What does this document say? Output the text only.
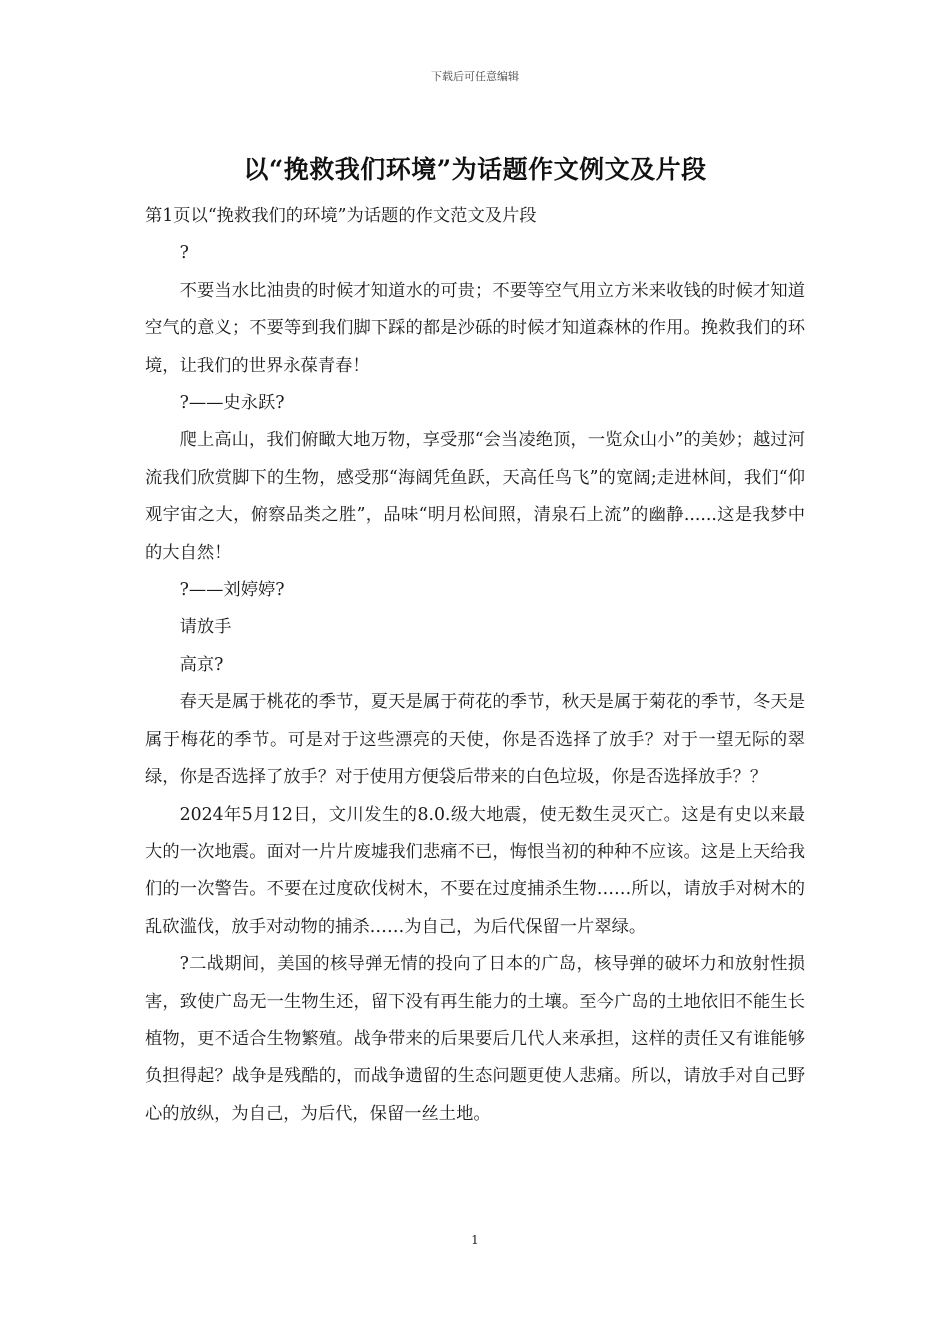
下载后可任意编辑
以“挽救我们环境”为话题作文例文及片段

第1页以“挽救我们的环境”为话题的作文范文及片段

?

不要当水比油贵的时候才知道水的可贵；不要等空气用立方米来收钱的时候才知道空气的意义；不要等到我们脚下踩的都是沙砾的时候才知道森林的作用。挽救我们的环境，让我们的世界永葆青春！

?——史永跃?

爬上高山，我们俯瞰大地万物，享受那“会当凌绝顶，一览众山小”的美妙；越过河流我们欣赏脚下的生物，感受那“海阔凭鱼跃，天高任鸟飞”的宽阔;走进林间，我们“仰观宇宙之大，俯察品类之胜”，品味“明月松间照，清泉石上流”的幽静......这是我梦中的大自然！

?——刘婷婷?

请放手

高京?

春天是属于桃花的季节，夏天是属于荷花的季节，秋天是属于菊花的季节，冬天是属于梅花的季节。可是对于这些漂亮的天使，你是否选择了放手？对于一望无际的翠绿，你是否选择了放手？对于使用方便袋后带来的白色垃圾，你是否选择放手？？

2024年5月12日，文川发生的8.0.级大地震，使无数生灵灭亡。这是有史以来最大的一次地震。面对一片片废墟我们悲痛不已，悔恨当初的种种不应该。这是上天给我们的一次警告。不要在过度砍伐树木，不要在过度捕杀生物……所以，请放手对树木的乱砍滥伐，放手对动物的捕杀……为自己，为后代保留一片翠绿。

?二战期间，美国的核导弹无情的投向了日本的广岛，核导弹的破坏力和放射性损害，致使广岛无一生物生还，留下没有再生能力的土壤。至今广岛的土地依旧不能生长植物，更不适合生物繁殖。战争带来的后果要后几代人来承担，这样的责任又有谁能够负担得起？战争是残酷的，而战争遗留的生态问题更使人悲痛。所以，请放手对自己野心的放纵，为自己，为后代，保留一丝土地。

1
